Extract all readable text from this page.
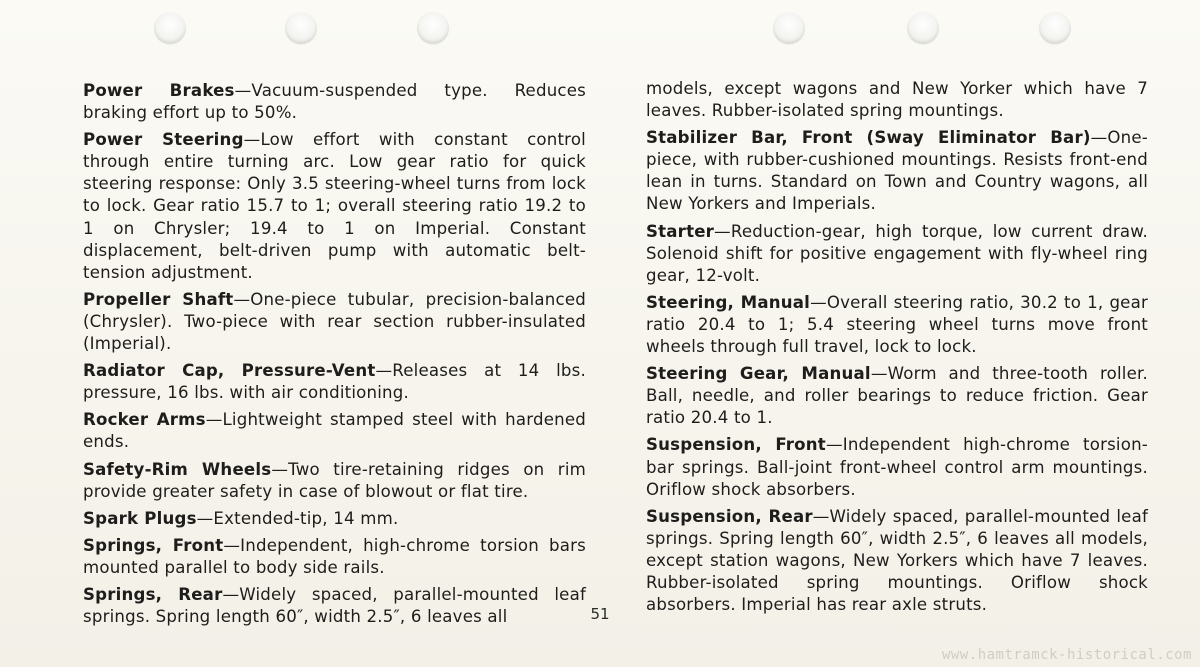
Power Brakes—Vacuum-suspended type. Reduces braking effort up to 50%.

Power Steering—Low effort with constant control through entire turning arc. Low gear ratio for quick steering response: Only 3.5 steering-wheel turns from lock to lock. Gear ratio 15.7 to 1; overall steering ratio 19.2 to 1 on Chrysler; 19.4 to 1 on Imperial. Constant displacement, belt-driven pump with automatic belt-tension adjustment.

Propeller Shaft—One-piece tubular, precision-balanced (Chrysler). Two-piece with rear section rubber-insulated (Imperial).

Radiator Cap, Pressure-Vent—Releases at 14 lbs. pressure, 16 lbs. with air conditioning.

Rocker Arms—Lightweight stamped steel with hardened ends.

Safety-Rim Wheels—Two tire-retaining ridges on rim provide greater safety in case of blowout or flat tire.

Spark Plugs—Extended-tip, 14 mm.

Springs, Front—Independent, high-chrome torsion bars mounted parallel to body side rails.

Springs, Rear—Widely spaced, parallel-mounted leaf springs. Spring length 60″, width 2.5″, 6 leaves all

models, except wagons and New Yorker which have 7 leaves. Rubber-isolated spring mountings.

Stabilizer Bar, Front (Sway Eliminator Bar)—One-piece, with rubber-cushioned mountings. Resists front-end lean in turns. Standard on Town and Country wagons, all New Yorkers and Imperials.

Starter—Reduction-gear, high torque, low current draw. Solenoid shift for positive engagement with fly-wheel ring gear, 12-volt.

Steering, Manual—Overall steering ratio, 30.2 to 1, gear ratio 20.4 to 1; 5.4 steering wheel turns move front wheels through full travel, lock to lock.

Steering Gear, Manual—Worm and three-tooth roller. Ball, needle, and roller bearings to reduce friction. Gear ratio 20.4 to 1.

Suspension, Front—Independent high-chrome torsion-bar springs. Ball-joint front-wheel control arm mountings. Oriflow shock absorbers.

Suspension, Rear—Widely spaced, parallel-mounted leaf springs. Spring length 60″, width 2.5″, 6 leaves all models, except station wagons, New Yorkers which have 7 leaves. Rubber-isolated spring mountings. Oriflow shock absorbers. Imperial has rear axle struts.

51
www.hamtramck-historical.com
